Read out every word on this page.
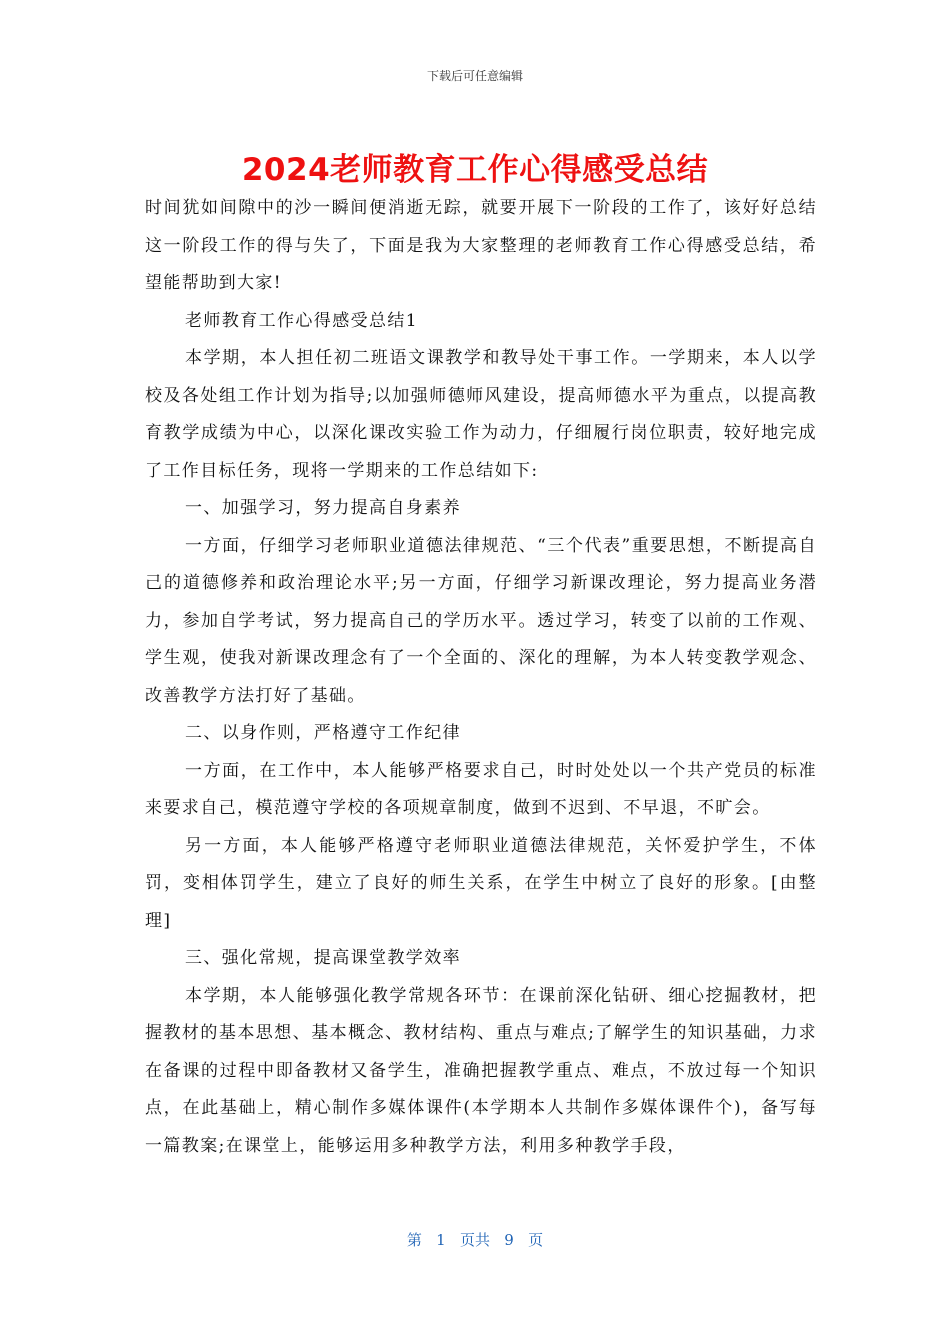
下载后可任意编辑
2024老师教育工作心得感受总结

时间犹如间隙中的沙一瞬间便消逝无踪，就要开展下一阶段的工作了，该好好总结这一阶段工作的得与失了，下面是我为大家整理的老师教育工作心得感受总结，希望能帮助到大家!

老师教育工作心得感受总结1

本学期，本人担任初二班语文课教学和教导处干事工作。一学期来，本人以学校及各处组工作计划为指导;以加强师德师风建设，提高师德水平为重点，以提高教育教学成绩为中心，以深化课改实验工作为动力，仔细履行岗位职责，较好地完成了工作目标任务，现将一学期来的工作总结如下:

一、加强学习，努力提高自身素养

一方面，仔细学习老师职业道德法律规范、“三个代表”重要思想，不断提高自己的道德修养和政治理论水平;另一方面，仔细学习新课改理论，努力提高业务潜力，参加自学考试，努力提高自己的学历水平。透过学习，转变了以前的工作观、学生观，使我对新课改理念有了一个全面的、深化的理解，为本人转变教学观念、改善教学方法打好了基础。

二、以身作则，严格遵守工作纪律

一方面，在工作中，本人能够严格要求自己，时时处处以一个共产党员的标准来要求自己，模范遵守学校的各项规章制度，做到不迟到、不早退，不旷会。

另一方面，本人能够严格遵守老师职业道德法律规范，关怀爱护学生，不体罚，变相体罚学生，建立了良好的师生关系，在学生中树立了良好的形象。[由整理]

三、强化常规，提高课堂教学效率

本学期，本人能够强化教学常规各环节：在课前深化钻研、细心挖掘教材，把握教材的基本思想、基本概念、教材结构、重点与难点;了解学生的知识基础，力求在备课的过程中即备教材又备学生，准确把握教学重点、难点，不放过每一个知识点，在此基础上，精心制作多媒体课件(本学期本人共制作多媒体课件个)，备写每一篇教案;在课堂上，能够运用多种教学方法，利用多种教学手段，

第   1   页共   9   页
